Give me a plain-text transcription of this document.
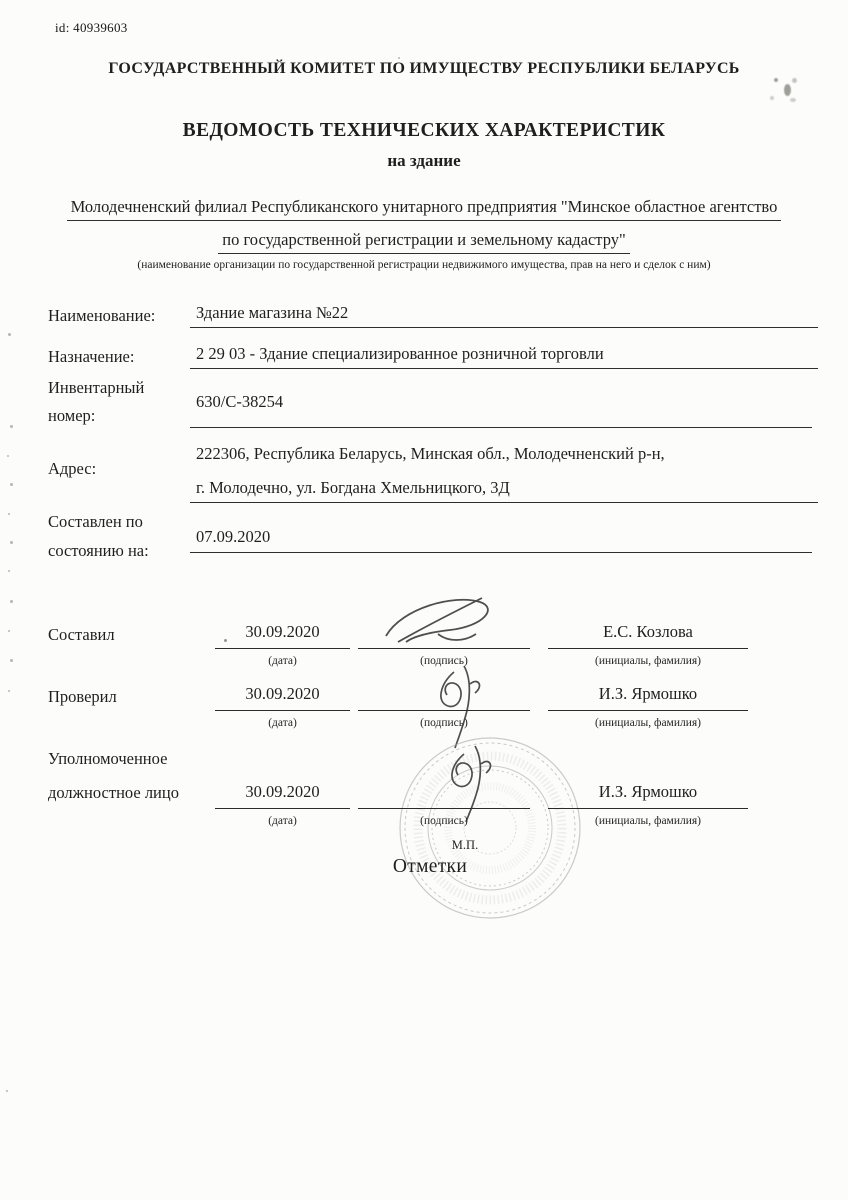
id: 40939603
ГОСУДАРСТВЕННЫЙ КОМИТЕТ ПО ИМУЩЕСТВУ РЕСПУБЛИКИ БЕЛАРУСЬ
ВЕДОМОСТЬ ТЕХНИЧЕСКИХ ХАРАКТЕРИСТИК
на здание
Молодечненский филиал Республиканского унитарного предприятия "Минское областное агентство
по государственной регистрации и земельному кадастру"
(наименование организации по государственной регистрации недвижимого имущества, прав на него и сделок с ним)
Наименование:	Здание магазина №22
Назначение:	2 29 03 - Здание специализированное розничной торговли
Инвентарный
номер:
630/С-38254
Адрес:
222306, Республика Беларусь, Минская обл., Молодечненский р-н,
г. Молодечно, ул. Богдана Хмельницкого, 3Д
Составлен по
состоянию на:
07.09.2020
Составил	30.09.2020	Е.С. Козлова
(дата)	(подпись)	(инициалы, фамилия)
Проверил	30.09.2020	И.З. Ярмошко
(дата)	(подпись)	(инициалы, фамилия)
Уполномоченное
должностное лицо	30.09.2020	И.З. Ярмошко
(дата)	(подпись)	(инициалы, фамилия)
М.П.
Отметки
